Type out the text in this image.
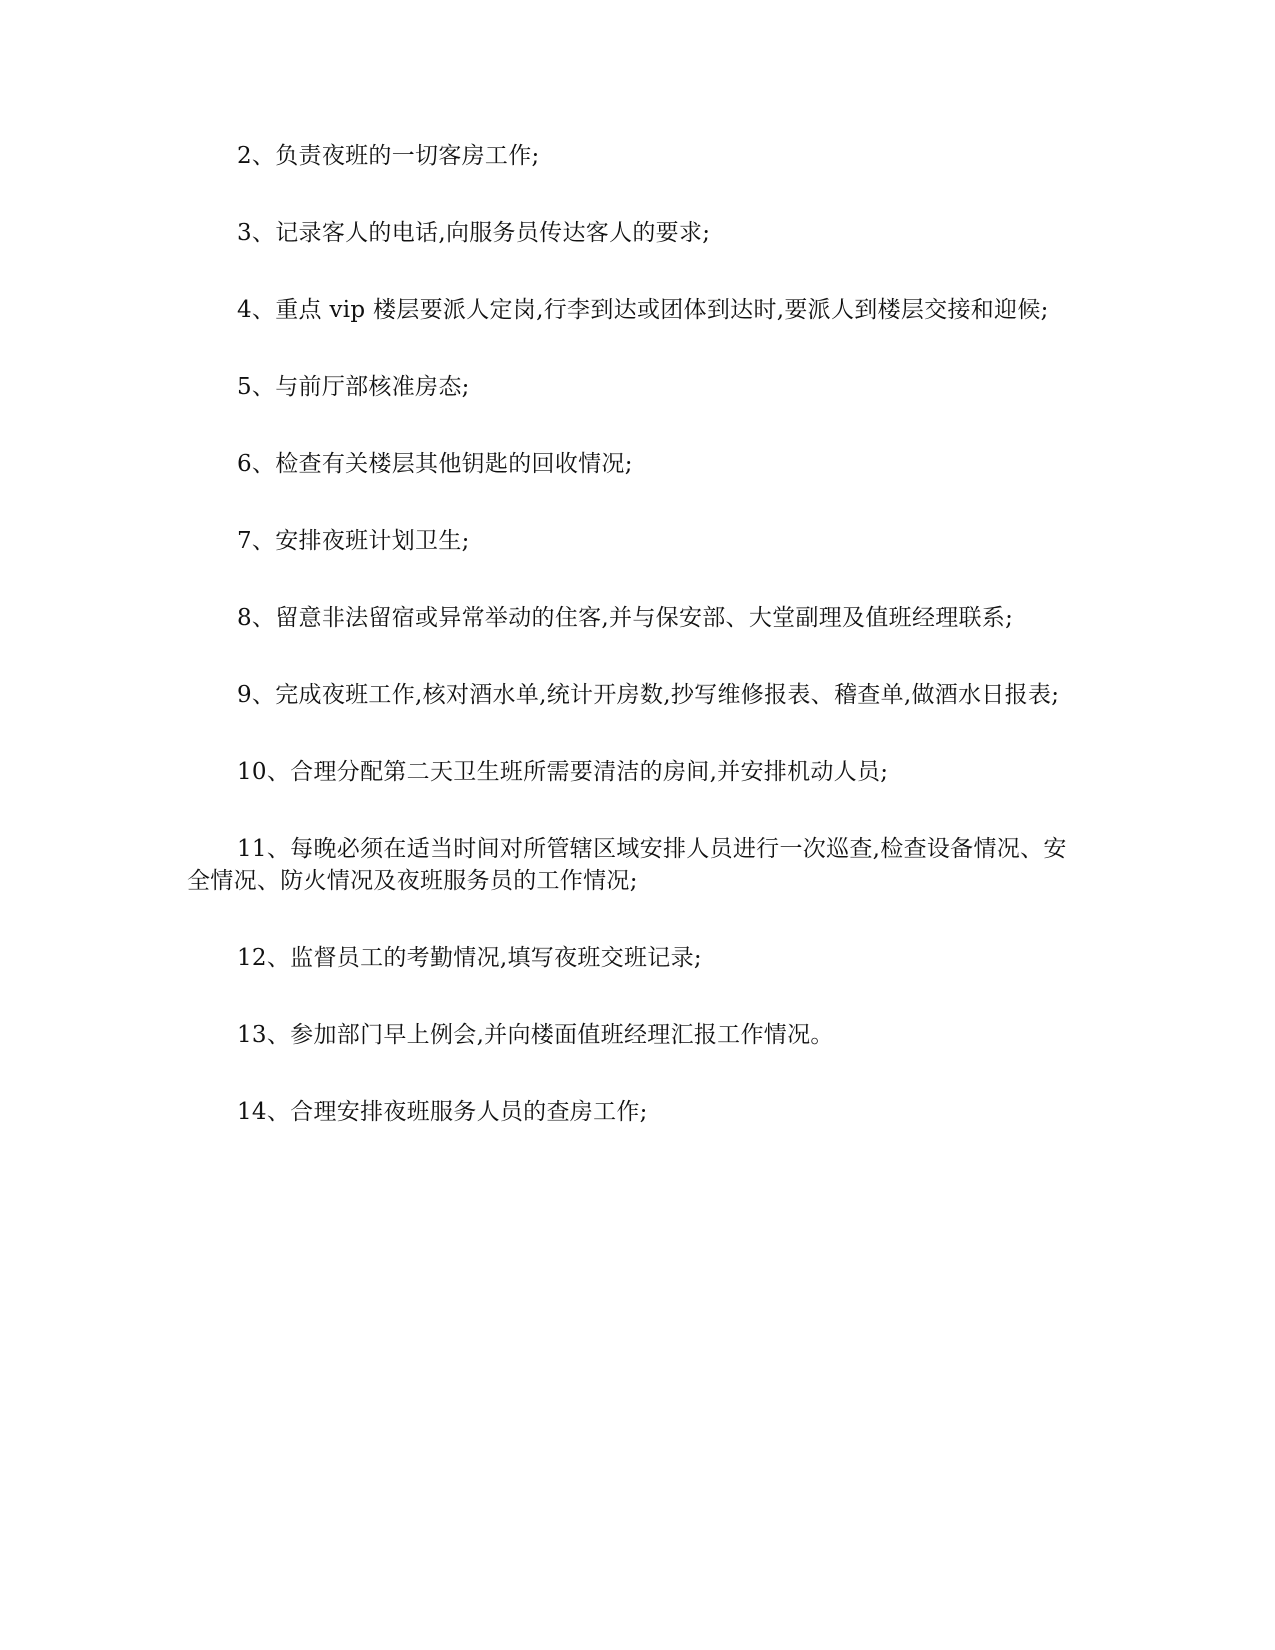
2、负责夜班的一切客房工作;

3、记录客人的电话,向服务员传达客人的要求;

4、重点 vip 楼层要派人定岗,行李到达或团体到达时,要派人到楼层交接和迎候;

5、与前厅部核准房态;

6、检查有关楼层其他钥匙的回收情况;

7、安排夜班计划卫生;

8、留意非法留宿或异常举动的住客,并与保安部、大堂副理及值班经理联系;

9、完成夜班工作,核对酒水单,统计开房数,抄写维修报表、稽查单,做酒水日报表;

10、合理分配第二天卫生班所需要清洁的房间,并安排机动人员;

11、每晚必须在适当时间对所管辖区域安排人员进行一次巡查,检查设备情况、安全情况、防火情况及夜班服务员的工作情况;

12、监督员工的考勤情况,填写夜班交班记录;

13、参加部门早上例会,并向楼面值班经理汇报工作情况。

14、合理安排夜班服务人员的查房工作;
